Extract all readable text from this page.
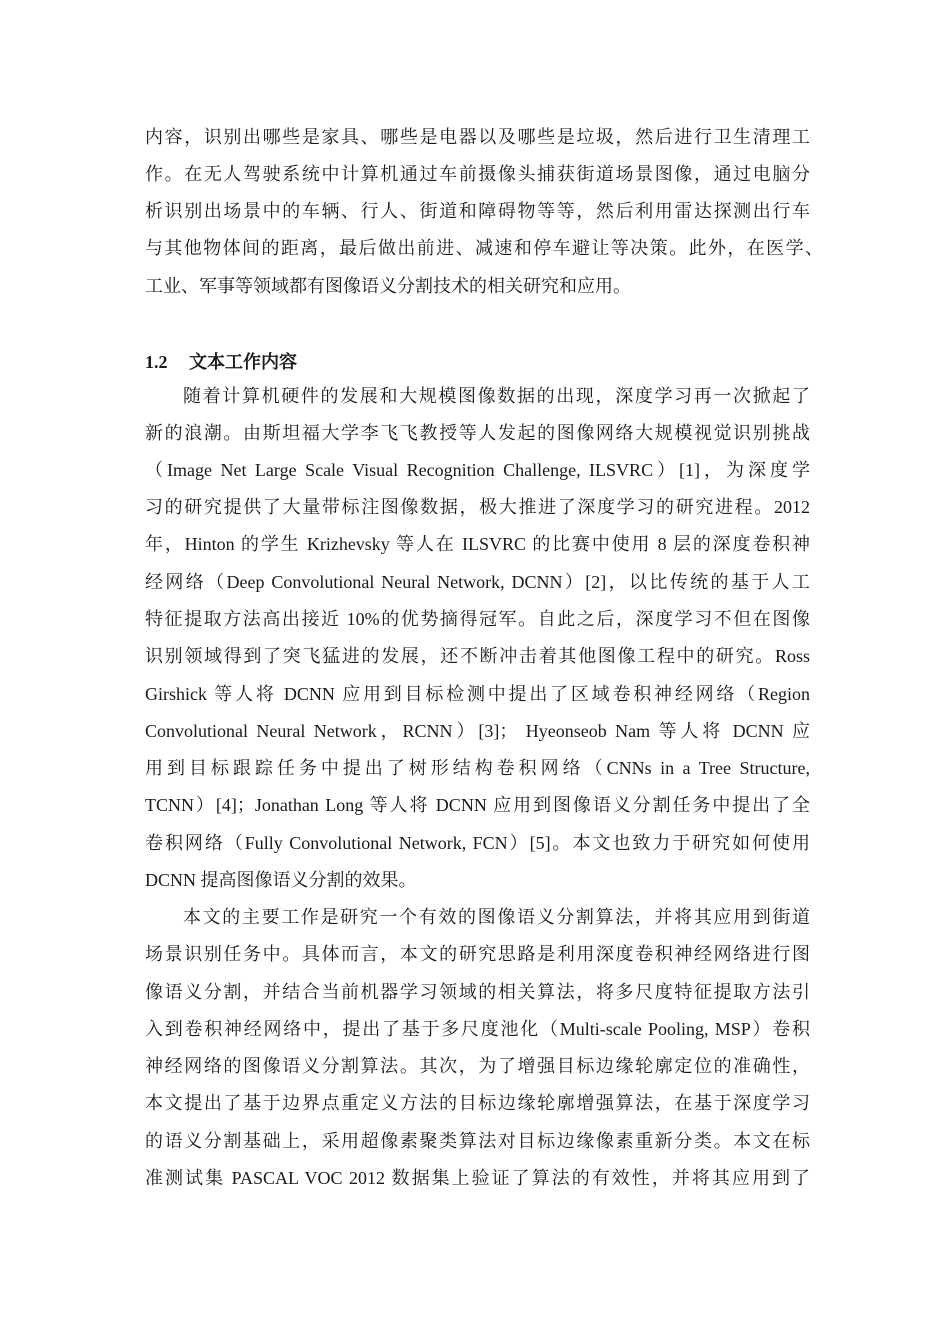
内容，识别出哪些是家具、哪些是电器以及哪些是垃圾，然后进行卫生清理工
作。在无人驾驶系统中计算机通过车前摄像头捕获街道场景图像，通过电脑分
析识别出场景中的车辆、行人、街道和障碍物等等，然后利用雷达探测出行车
与其他物体间的距离，最后做出前进、减速和停车避让等决策。此外，在医学、
工业、军事等领域都有图像语义分割技术的相关研究和应用。
1.2 文本工作内容
随着计算机硬件的发展和大规模图像数据的出现，深度学习再一次掀起了
新的浪潮。由斯坦福大学李飞飞教授等人发起的图像网络大规模视觉识别挑战
（Image Net Large Scale Visual Recognition Challenge, ILSVRC）[1]，为深度学
习的研究提供了大量带标注图像数据，极大推进了深度学习的研究进程。2012
年，Hinton 的学生 Krizhevsky 等人在 ILSVRC 的比赛中使用 8 层的深度卷积神
经网络（Deep Convolutional Neural Network, DCNN）[2]，以比传统的基于人工
特征提取方法高出接近 10%的优势摘得冠军。自此之后，深度学习不但在图像
识别领域得到了突飞猛进的发展，还不断冲击着其他图像工程中的研究。Ross
Girshick 等人将 DCNN 应用到目标检测中提出了区域卷积神经网络（Region
Convolutional Neural Network，RCNN）[3]； Hyeonseob Nam 等人将 DCNN 应
用到目标跟踪任务中提出了树形结构卷积网络（CNNs in a Tree Structure,
TCNN）[4]；Jonathan Long 等人将 DCNN 应用到图像语义分割任务中提出了全
卷积网络（Fully Convolutional Network, FCN）[5]。本文也致力于研究如何使用
DCNN 提高图像语义分割的效果。
本文的主要工作是研究一个有效的图像语义分割算法，并将其应用到街道
场景识别任务中。具体而言，本文的研究思路是利用深度卷积神经网络进行图
像语义分割，并结合当前机器学习领域的相关算法，将多尺度特征提取方法引
入到卷积神经网络中，提出了基于多尺度池化（Multi-scale Pooling, MSP）卷积
神经网络的图像语义分割算法。其次，为了增强目标边缘轮廓定位的准确性，
本文提出了基于边界点重定义方法的目标边缘轮廓增强算法，在基于深度学习
的语义分割基础上，采用超像素聚类算法对目标边缘像素重新分类。本文在标
准测试集 PASCAL VOC 2012 数据集上验证了算法的有效性，并将其应用到了
